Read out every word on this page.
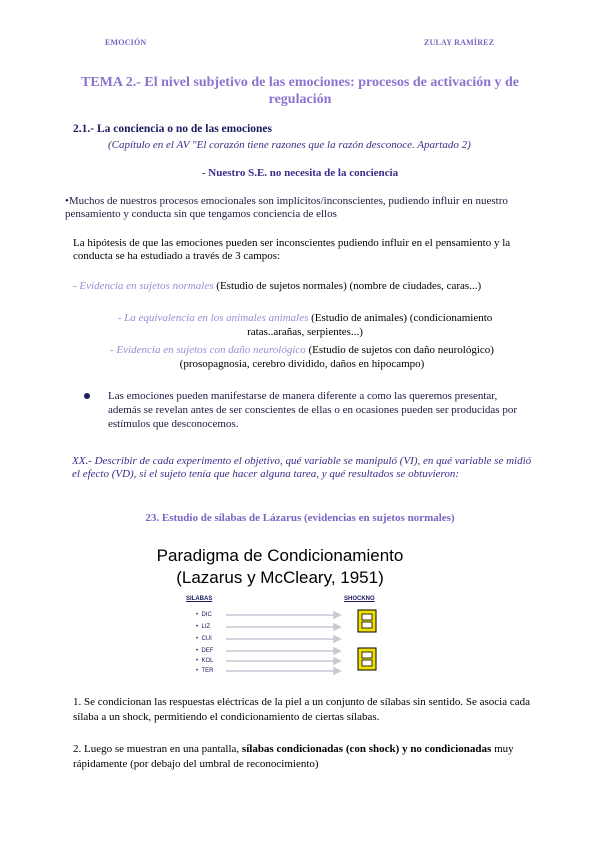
EMOCIÓN	ZULAY RAMÍREZ
TEMA 2.- El nivel subjetivo de las emociones: procesos de activación y de regulación
2.1.- La conciencia o no de las emociones
(Capítulo en el AV "El corazón tiene razones que la razón desconoce. Apartado 2)
- Nuestro S.E. no necesita de la conciencia
•Muchos de nuestros procesos emocionales son implícitos/inconscientes, pudiendo influir en nuestro pensamiento y conducta sin que tengamos conciencia de ellos
La hipótesis de que las emociones pueden ser inconscientes pudiendo influir en el pensamiento y la conducta se ha estudiado a través de 3 campos:
- Evidencia en sujetos normales (Estudio de sujetos normales) (nombre de ciudades, caras...)
- La equivalencia en los animales animales (Estudio de animales) (condicionamiento ratas..arañas, serpientes...)
- Evidencia en sujetos con daño neurológico (Estudio de sujetos con daño neurológico) (prosopagnosia, cerebro dividido, daños en hipocampo)
Las emociones pueden manifestarse de manera diferente a como las queremos presentar, además se revelan antes de ser conscientes de ellas o en ocasiones pueden ser producidas por estímulos que desconocemos.
XX.- Describir de cada experimento el objetivo, qué variable se manipuló (VI), en qué variable se midió el efecto (VD), si el sujeto tenía que hacer alguna tarea, y qué resultados se obtuvieron:
23. Estudio de sílabas de Lázarus (evidencias en sujetos normales)
Paradigma de Condicionamiento
(Lazarus y McCleary, 1951)
SILABAS	SHOCKNO
•  DIC
•  LIZ
•  CUI
•  DEF
•  KOL
•  TER
1. Se condicionan las respuestas eléctricas de la piel a un conjunto de sílabas sin sentido. Se asocia cada sílaba a un shock, permitiendo el condicionamiento de ciertas sílabas.
2. Luego se muestran en una pantalla, sílabas condicionadas (con shock) y no condicionadas muy rápidamente (por debajo del umbral de reconocimiento)
